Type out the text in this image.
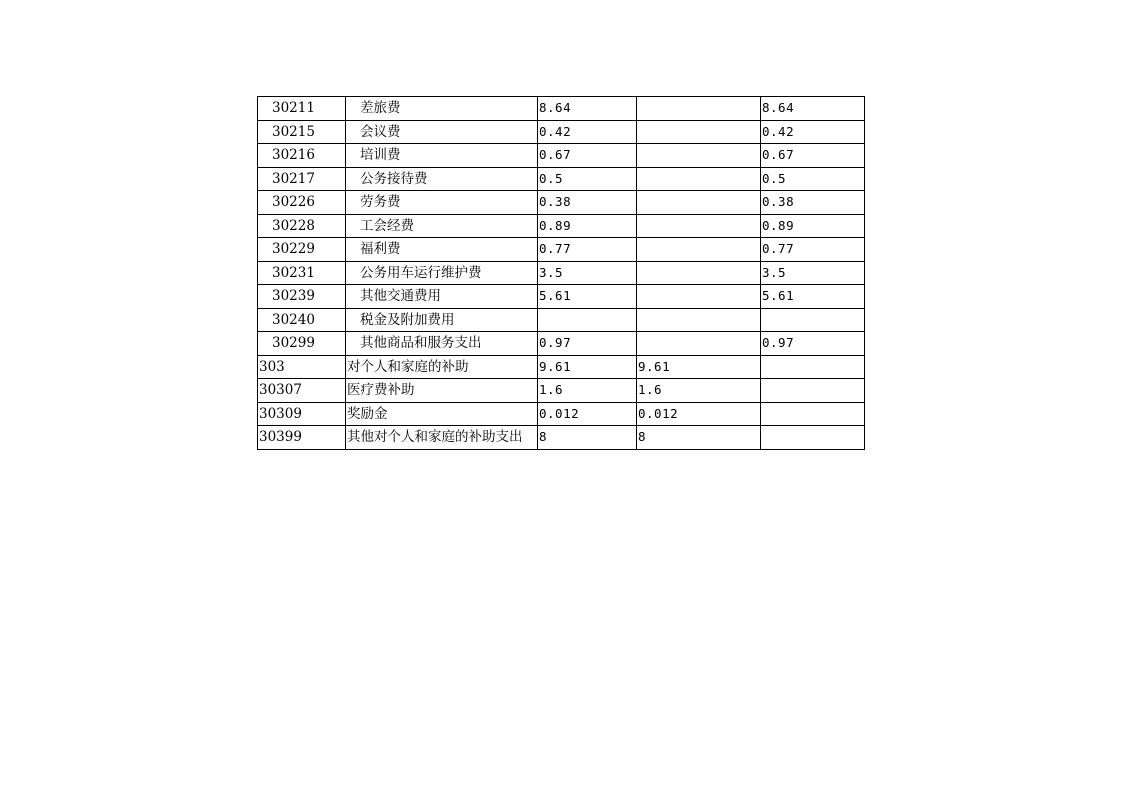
30211	差旅费	8.64		8.64
30215	会议费	0.42		0.42
30216	培训费	0.67		0.67
30217	公务接待费	0.5		0.5
30226	劳务费	0.38		0.38
30228	工会经费	0.89		0.89
30229	福利费	0.77		0.77
30231	公务用车运行维护费	3.5		3.5
30239	其他交通费用	5.61		5.61
30240	税金及附加费用			
30299	其他商品和服务支出	0.97		0.97
303	对个人和家庭的补助	9.61	9.61	
30307	医疗费补助	1.6	1.6	
30309	奖励金	0.012	0.012	
30399	其他对个人和家庭的补助支出	8	8	
